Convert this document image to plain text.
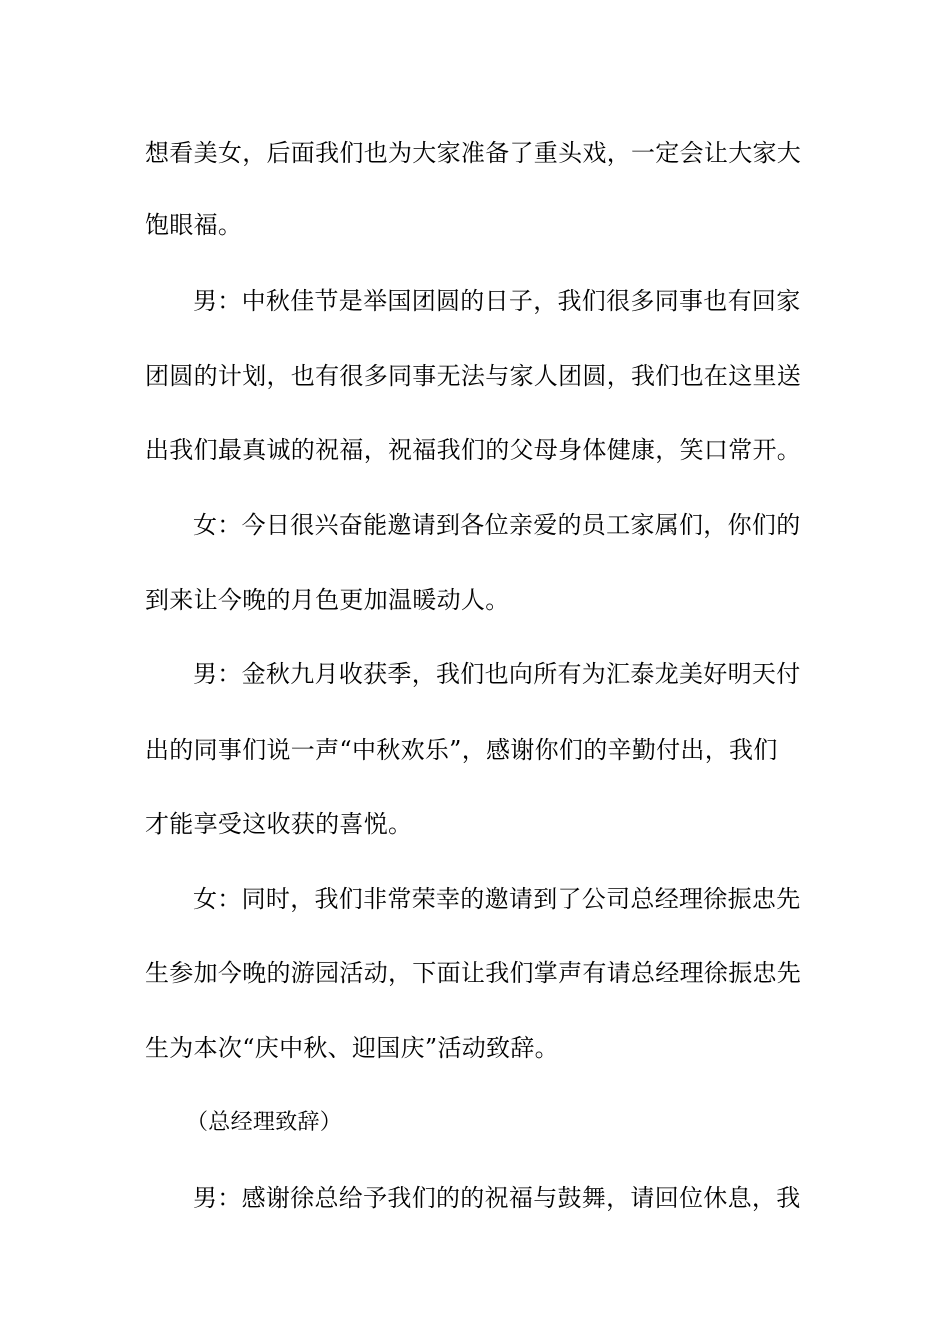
想看美女，后面我们也为大家准备了重头戏，一定会让大家大
饱眼福。
男：中秋佳节是举国团圆的日子，我们很多同事也有回家
团圆的计划，也有很多同事无法与家人团圆，我们也在这里送
出我们最真诚的祝福，祝福我们的父母身体健康，笑口常开。
女：今日很兴奋能邀请到各位亲爱的员工家属们，你们的
到来让今晚的月色更加温暖动人。
男：金秋九月收获季，我们也向所有为汇泰龙美好明天付
出的同事们说一声“中秋欢乐”，感谢你们的辛勤付出，我们
才能享受这收获的喜悦。
女：同时，我们非常荣幸的邀请到了公司总经理徐振忠先
生参加今晚的游园活动，下面让我们掌声有请总经理徐振忠先
生为本次“庆中秋、迎国庆”活动致辞。
（总经理致辞）
男：感谢徐总给予我们的的祝福与鼓舞，请回位休息，我
